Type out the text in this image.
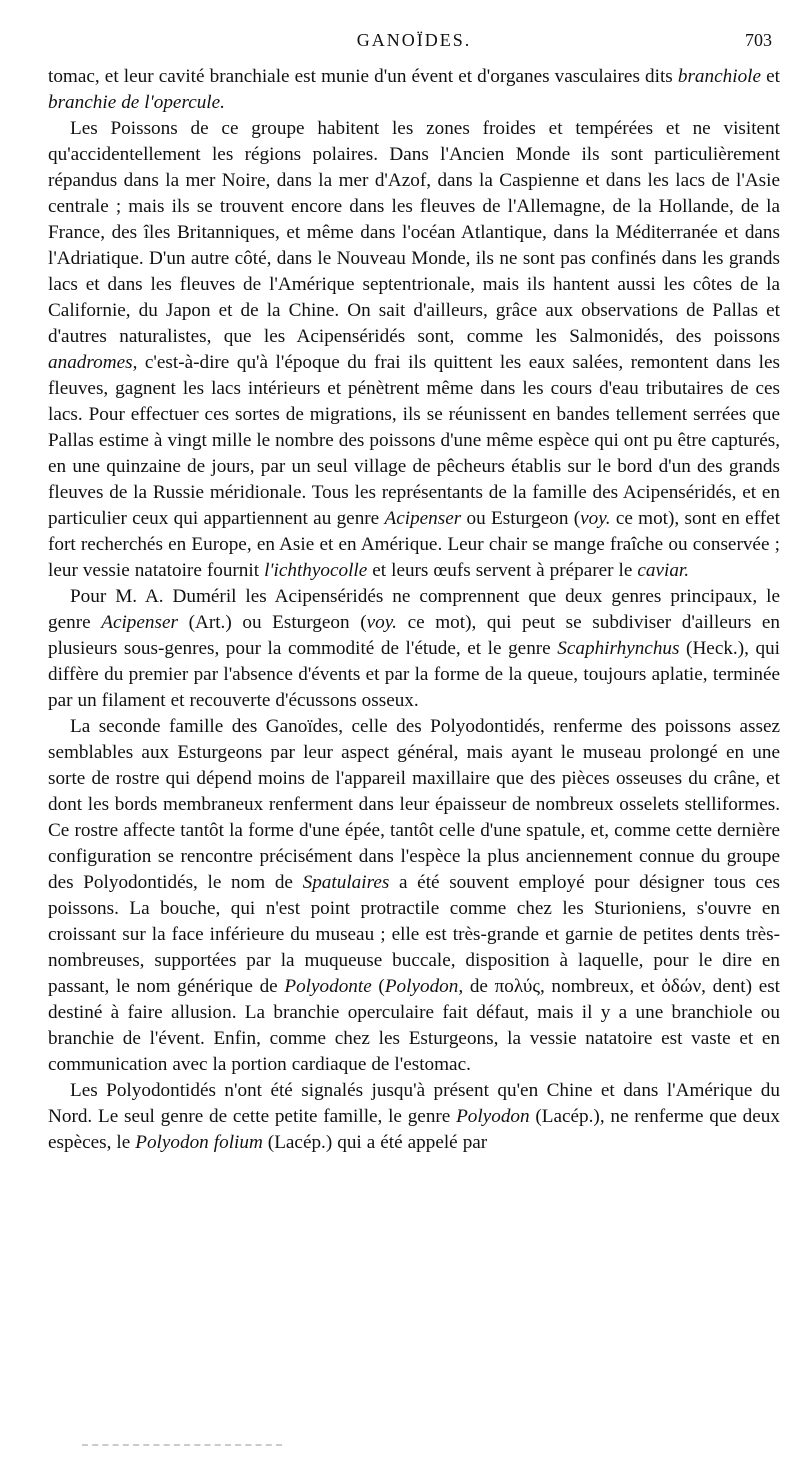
GANOÏDES.	703

tomac, et leur cavité branchiale est munie d'un évent et d'organes vasculaires dits branchiole et branchie de l'opercule.

Les Poissons de ce groupe habitent les zones froides et tempérées et ne visitent qu'accidentellement les régions polaires. Dans l'Ancien Monde ils sont particulièrement répandus dans la mer Noire, dans la mer d'Azof, dans la Caspienne et dans les lacs de l'Asie centrale ; mais ils se trouvent encore dans les fleuves de l'Allemagne, de la Hollande, de la France, des îles Britanniques, et même dans l'océan Atlantique, dans la Méditerranée et dans l'Adriatique. D'un autre côté, dans le Nouveau Monde, ils ne sont pas confinés dans les grands lacs et dans les fleuves de l'Amérique septentrionale, mais ils hantent aussi les côtes de la Californie, du Japon et de la Chine. On sait d'ailleurs, grâce aux observations de Pallas et d'autres naturalistes, que les Acipenséridés sont, comme les Salmonidés, des poissons anadromes, c'est-à-dire qu'à l'époque du frai ils quittent les eaux salées, remontent dans les fleuves, gagnent les lacs intérieurs et pénètrent même dans les cours d'eau tributaires de ces lacs. Pour effectuer ces sortes de migrations, ils se réunissent en bandes tellement serrées que Pallas estime à vingt mille le nombre des poissons d'une même espèce qui ont pu être capturés, en une quinzaine de jours, par un seul village de pêcheurs établis sur le bord d'un des grands fleuves de la Russie méridionale. Tous les représentants de la famille des Acipenséridés, et en particulier ceux qui appartiennent au genre Acipenser ou Esturgeon (voy. ce mot), sont en effet fort recherchés en Europe, en Asie et en Amérique. Leur chair se mange fraîche ou conservée ; leur vessie natatoire fournit l'ichthyocolle et leurs œufs servent à préparer le caviar.

Pour M. A. Duméril les Acipenséridés ne comprennent que deux genres principaux, le genre Acipenser (Art.) ou Esturgeon (voy. ce mot), qui peut se subdiviser d'ailleurs en plusieurs sous-genres, pour la commodité de l'étude, et le genre Scaphirhynchus (Heck.), qui diffère du premier par l'absence d'évents et par la forme de la queue, toujours aplatie, terminée par un filament et recouverte d'écussons osseux.

La seconde famille des Ganoïdes, celle des Polyodontidés, renferme des poissons assez semblables aux Esturgeons par leur aspect général, mais ayant le museau prolongé en une sorte de rostre qui dépend moins de l'appareil maxillaire que des pièces osseuses du crâne, et dont les bords membraneux renferment dans leur épaisseur de nombreux osselets stelliformes. Ce rostre affecte tantôt la forme d'une épée, tantôt celle d'une spatule, et, comme cette dernière configuration se rencontre précisément dans l'espèce la plus anciennement connue du groupe des Polyodontidés, le nom de Spatulaires a été souvent employé pour désigner tous ces poissons. La bouche, qui n'est point protractile comme chez les Sturioniens, s'ouvre en croissant sur la face inférieure du museau ; elle est très-grande et garnie de petites dents très-nombreuses, supportées par la muqueuse buccale, disposition à laquelle, pour le dire en passant, le nom générique de Polyodonte (Polyodon, de πολύς, nombreux, et ὀδών, dent) est destiné à faire allusion. La branchie operculaire fait défaut, mais il y a une branchiole ou branchie de l'évent. Enfin, comme chez les Esturgeons, la vessie natatoire est vaste et en communication avec la portion cardiaque de l'estomac.

Les Polyodontidés n'ont été signalés jusqu'à présent qu'en Chine et dans l'Amérique du Nord. Le seul genre de cette petite famille, le genre Polyodon (Lacép.), ne renferme que deux espèces, le Polyodon folium (Lacép.) qui a été appelé par
